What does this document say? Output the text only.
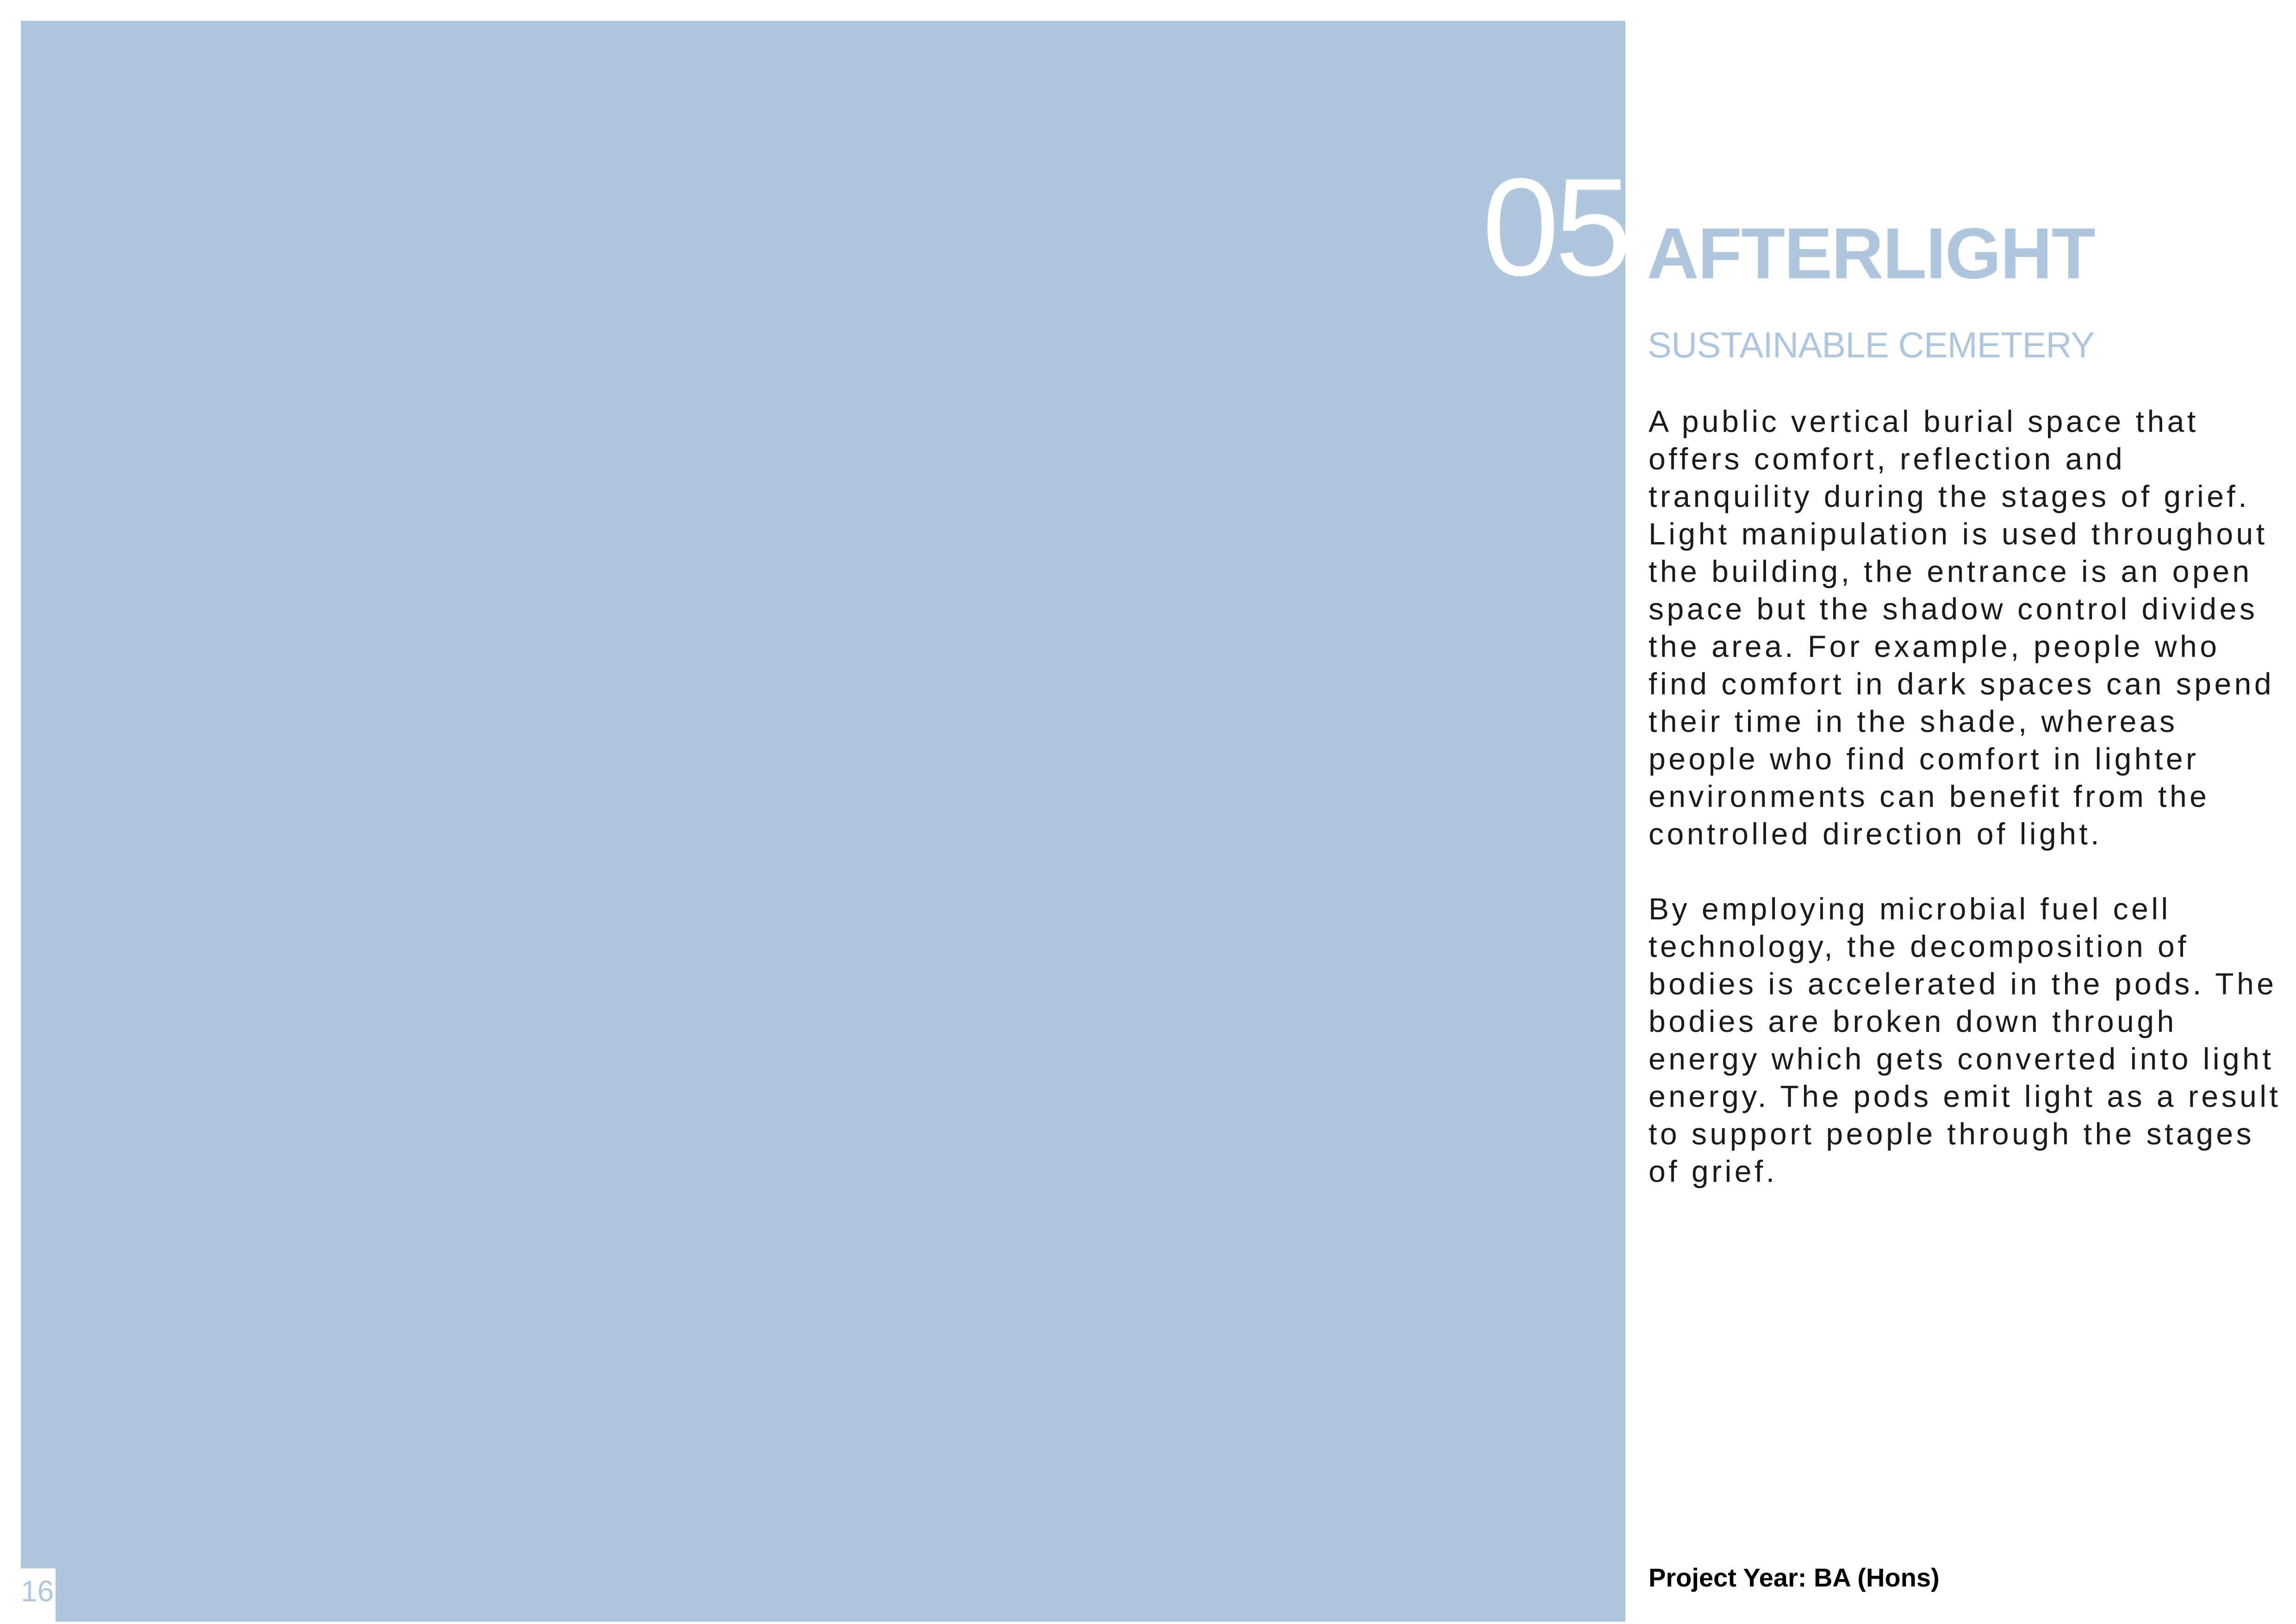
16
05 AFTERLIGHT
SUSTAINABLE CEMETERY

A public vertical burial space that offers comfort, reflection and tranquility during the stages of grief. Light manipulation is used throughout the building, the entrance is an open space but the shadow control divides the area. For example, people who find comfort in dark spaces can spend their time in the shade, whereas people who find comfort in lighter environments can benefit from the controlled direction of light.

By employing microbial fuel cell technology, the decomposition of bodies is accelerated in the pods. The bodies are broken down through energy which gets converted into light energy. The pods emit light as a result to support people through the stages of grief.

Project Year: BA (Hons)
